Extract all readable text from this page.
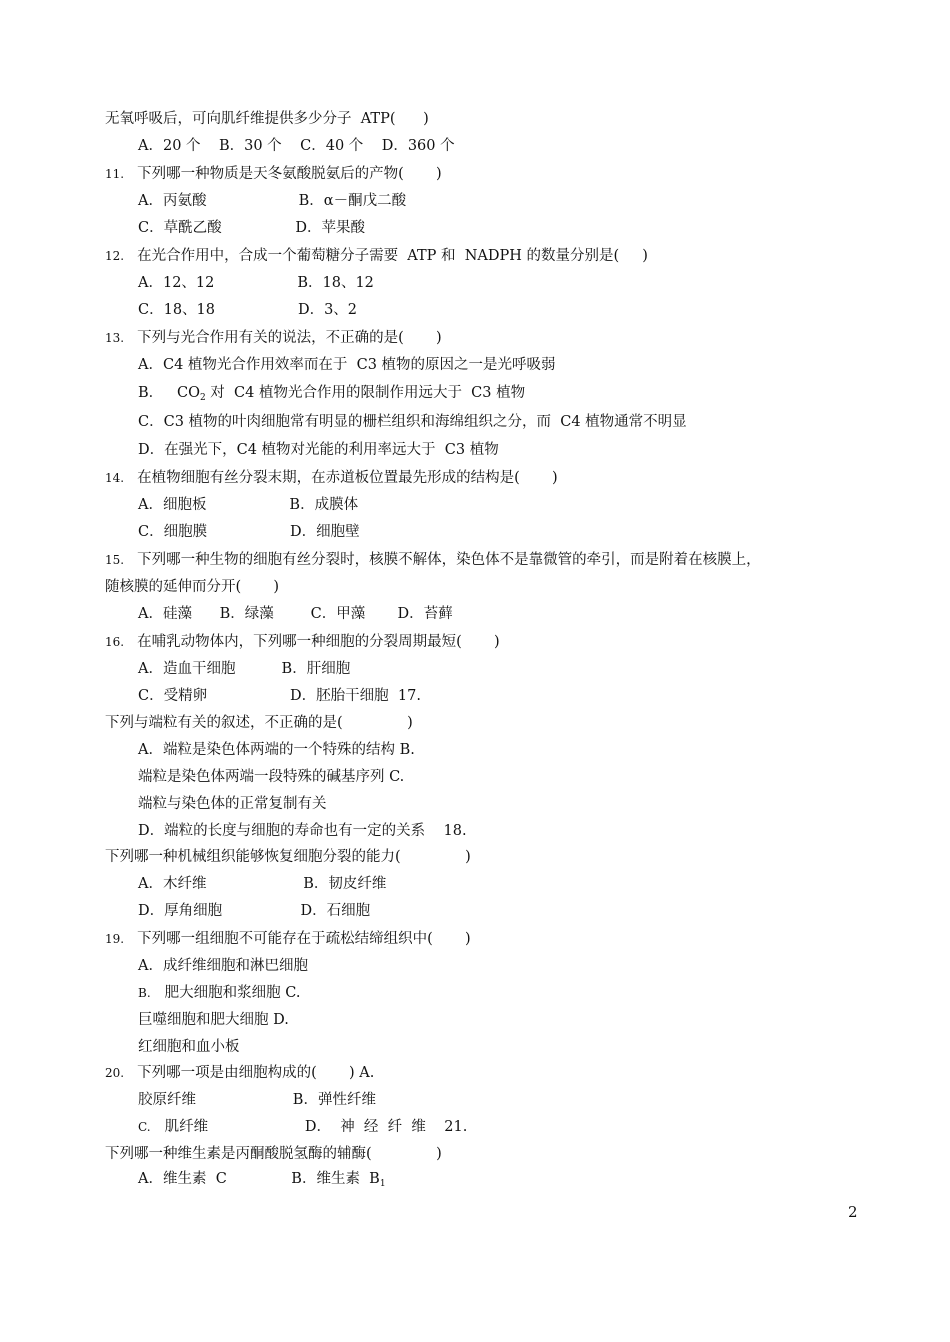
无氧呼吸后，可向肌纤维提供多少分子  ATP(      )
A．20 个    B．30 个    C．40 个    D．360 个
11. 下列哪一种物质是天冬氨酸脱氨后的产物(       )
A．丙氨酸                    B．α－酮戊二酸
C．草酰乙酸                D．苹果酸
12. 在光合作用中，合成一个葡萄糖分子需要  ATP 和  NADPH 的数量分别是(     )
A．12、12                  B．18、12
C．18、18                  D．3、2
13. 下列与光合作用有关的说法，不正确的是(       )
A．C4 植物光合作用效率而在于  C3 植物的原因之一是光呼吸弱
B．   $CO_2$ 对  C4 植物光合作用的限制作用远大于  C3 植物
C．C3 植物的叶肉细胞常有明显的栅栏组织和海绵组织之分，而  C4 植物通常不明显
D．在强光下，C4 植物对光能的利用率远大于  C3 植物
14. 在植物细胞有丝分裂末期，在赤道板位置最先形成的结构是(       )
A．细胞板                  B．成膜体
C．细胞膜                  D．细胞壁
15. 下列哪一种生物的细胞有丝分裂时，核膜不解体，染色体不是靠微管的牵引，而是附着在核膜上，
随核膜的延伸而分开(       )
A．硅藻      B．绿藻        C．甲藻       D．苔藓
16. 在哺乳动物体内，下列哪一种细胞的分裂周期最短(       )
A．造血干细胞          B．肝细胞
C．受精卵                  D．胚胎干细胞  17.
下列与端粒有关的叙述，不正确的是(              )
A．端粒是染色体两端的一个特殊的结构 B.
端粒是染色体两端一段特殊的碱基序列 C.
端粒与染色体的正常复制有关
D．端粒的长度与细胞的寿命也有一定的关系    18.
下列哪一种机械组织能够恢复细胞分裂的能力(              )
A．木纤维                     B．韧皮纤维
D．厚角细胞                 D．石细胞
19. 下列哪一组细胞不可能存在于疏松结缔组织中(       )
A．成纤维细胞和淋巴细胞
B. 肥大细胞和浆细胞 C.
巨噬细胞和肥大细胞 D.
红细胞和血小板
20. 下列哪一项是由细胞构成的(       ) A.
胶原纤维                     B．弹性纤维
C. 肌纤维                     D．  神  经  纤  维    21.
下列哪一种维生素是丙酮酸脱氢酶的辅酶(              )
A．维生素  C              B．维生素  $B_1$
2
